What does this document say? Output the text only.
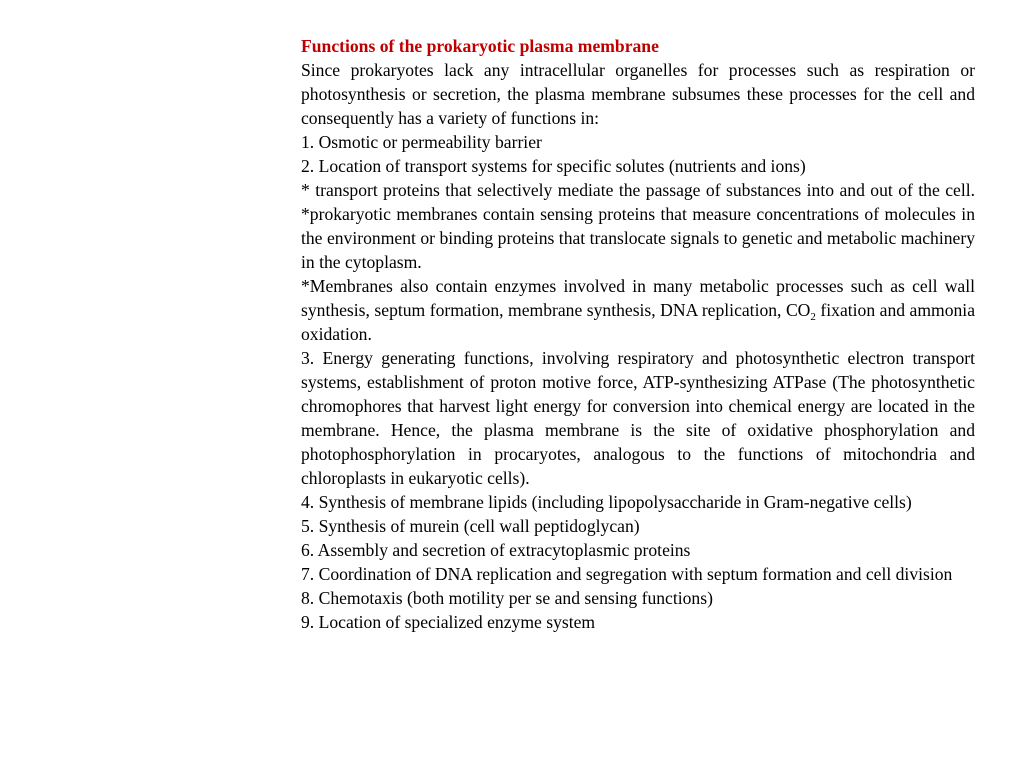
Functions of the prokaryotic plasma membrane

Since prokaryotes lack any intracellular organelles for processes such as respiration or photosynthesis or secretion, the plasma membrane subsumes these processes for the cell and consequently has a variety of functions in:

1. Osmotic or permeability barrier

2. Location of transport systems for specific solutes (nutrients and ions)

* transport proteins that selectively mediate the passage of substances into and out of the cell. *prokaryotic membranes contain sensing proteins that measure concentrations of molecules in the environment or binding proteins that translocate signals to genetic and metabolic machinery in the cytoplasm.

*Membranes also contain enzymes involved in many metabolic processes such as cell wall synthesis, septum formation, membrane synthesis, DNA replication, $CO_2$ fixation and ammonia oxidation.

3. Energy generating functions, involving respiratory and photosynthetic electron transport systems, establishment of proton motive force, ATP-synthesizing ATPase (The photosynthetic chromophores that harvest light energy for conversion into chemical energy are located in the membrane. Hence, the plasma membrane is the site of oxidative phosphorylation and photophosphorylation in procaryotes, analogous to the functions of mitochondria and chloroplasts in eukaryotic cells).

4. Synthesis of membrane lipids (including lipopolysaccharide in Gram-negative cells)

5. Synthesis of murein (cell wall peptidoglycan)

6. Assembly and secretion of extracytoplasmic proteins

7. Coordination of DNA replication and segregation with septum formation and cell division

8. Chemotaxis (both motility per se and sensing functions)

9. Location of specialized enzyme system
